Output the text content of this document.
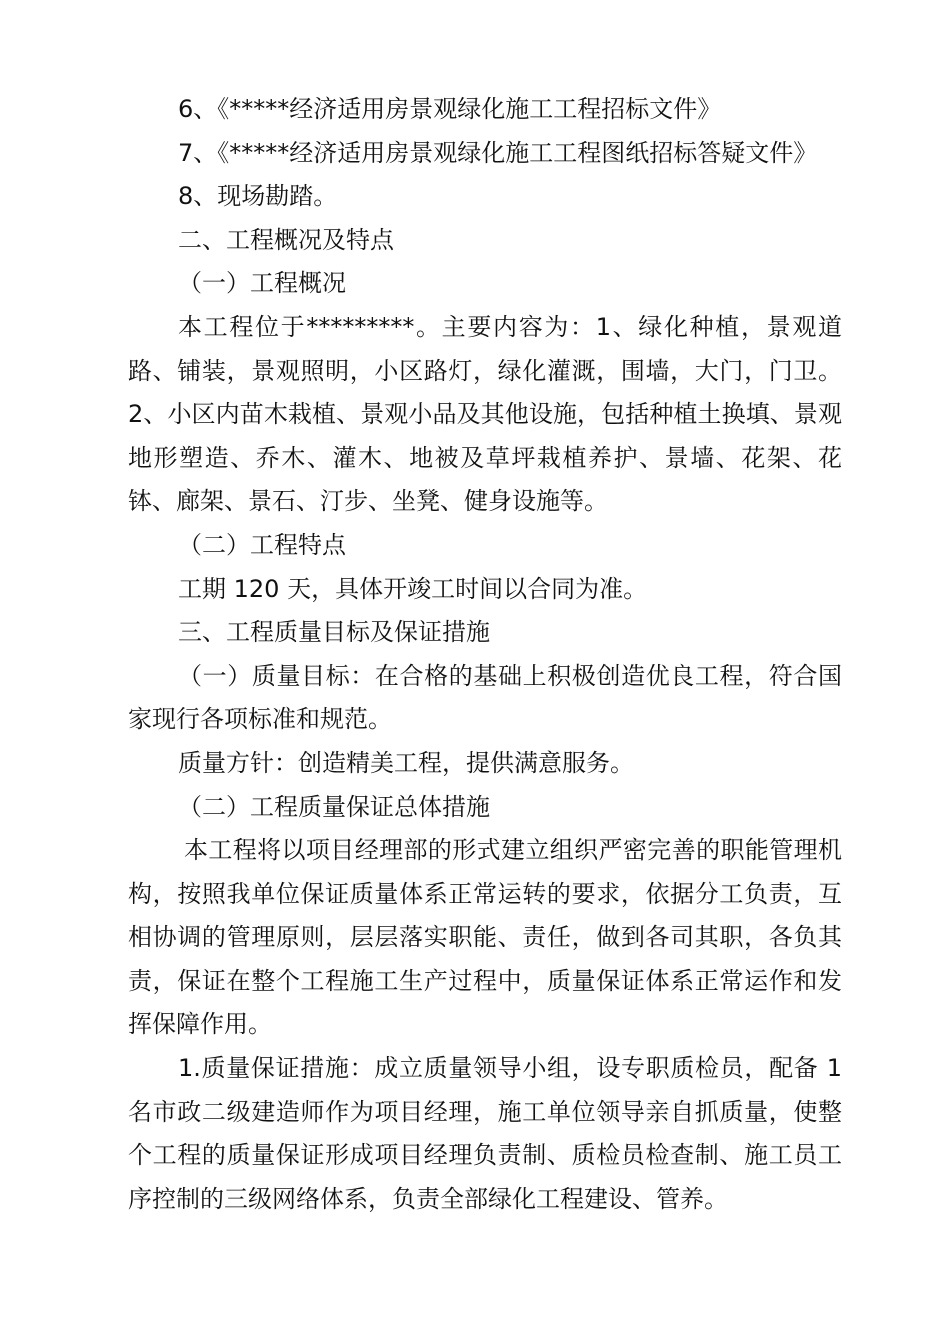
6、《*****经济适用房景观绿化施工工程招标文件》

7、《*****经济适用房景观绿化施工工程图纸招标答疑文件》

8、现场勘踏。

二、工程概况及特点

（一）工程概况

本工程位于*********。主要内容为：1、绿化种植，景观道路、铺装，景观照明，小区路灯，绿化灌溉，围墙，大门，门卫。2、小区内苗木栽植、景观小品及其他设施，包括种植土换填、景观地形塑造、乔木、灌木、地被及草坪栽植养护、景墙、花架、花钵、廊架、景石、汀步、坐凳、健身设施等。

（二）工程特点

工期 120 天，具体开竣工时间以合同为准。

三、工程质量目标及保证措施

（一）质量目标：在合格的基础上积极创造优良工程，符合国家现行各项标准和规范。

质量方针：创造精美工程，提供满意服务。

（二）工程质量保证总体措施

本工程将以项目经理部的形式建立组织严密完善的职能管理机构，按照我单位保证质量体系正常运转的要求，依据分工负责，互相协调的管理原则，层层落实职能、责任，做到各司其职，各负其责，保证在整个工程施工生产过程中，质量保证体系正常运作和发挥保障作用。

1.质量保证措施：成立质量领导小组，设专职质检员，配备 1 名市政二级建造师作为项目经理，施工单位领导亲自抓质量，使整个工程的质量保证形成项目经理负责制、质检员检查制、施工员工序控制的三级网络体系，负责全部绿化工程建设、管养。
